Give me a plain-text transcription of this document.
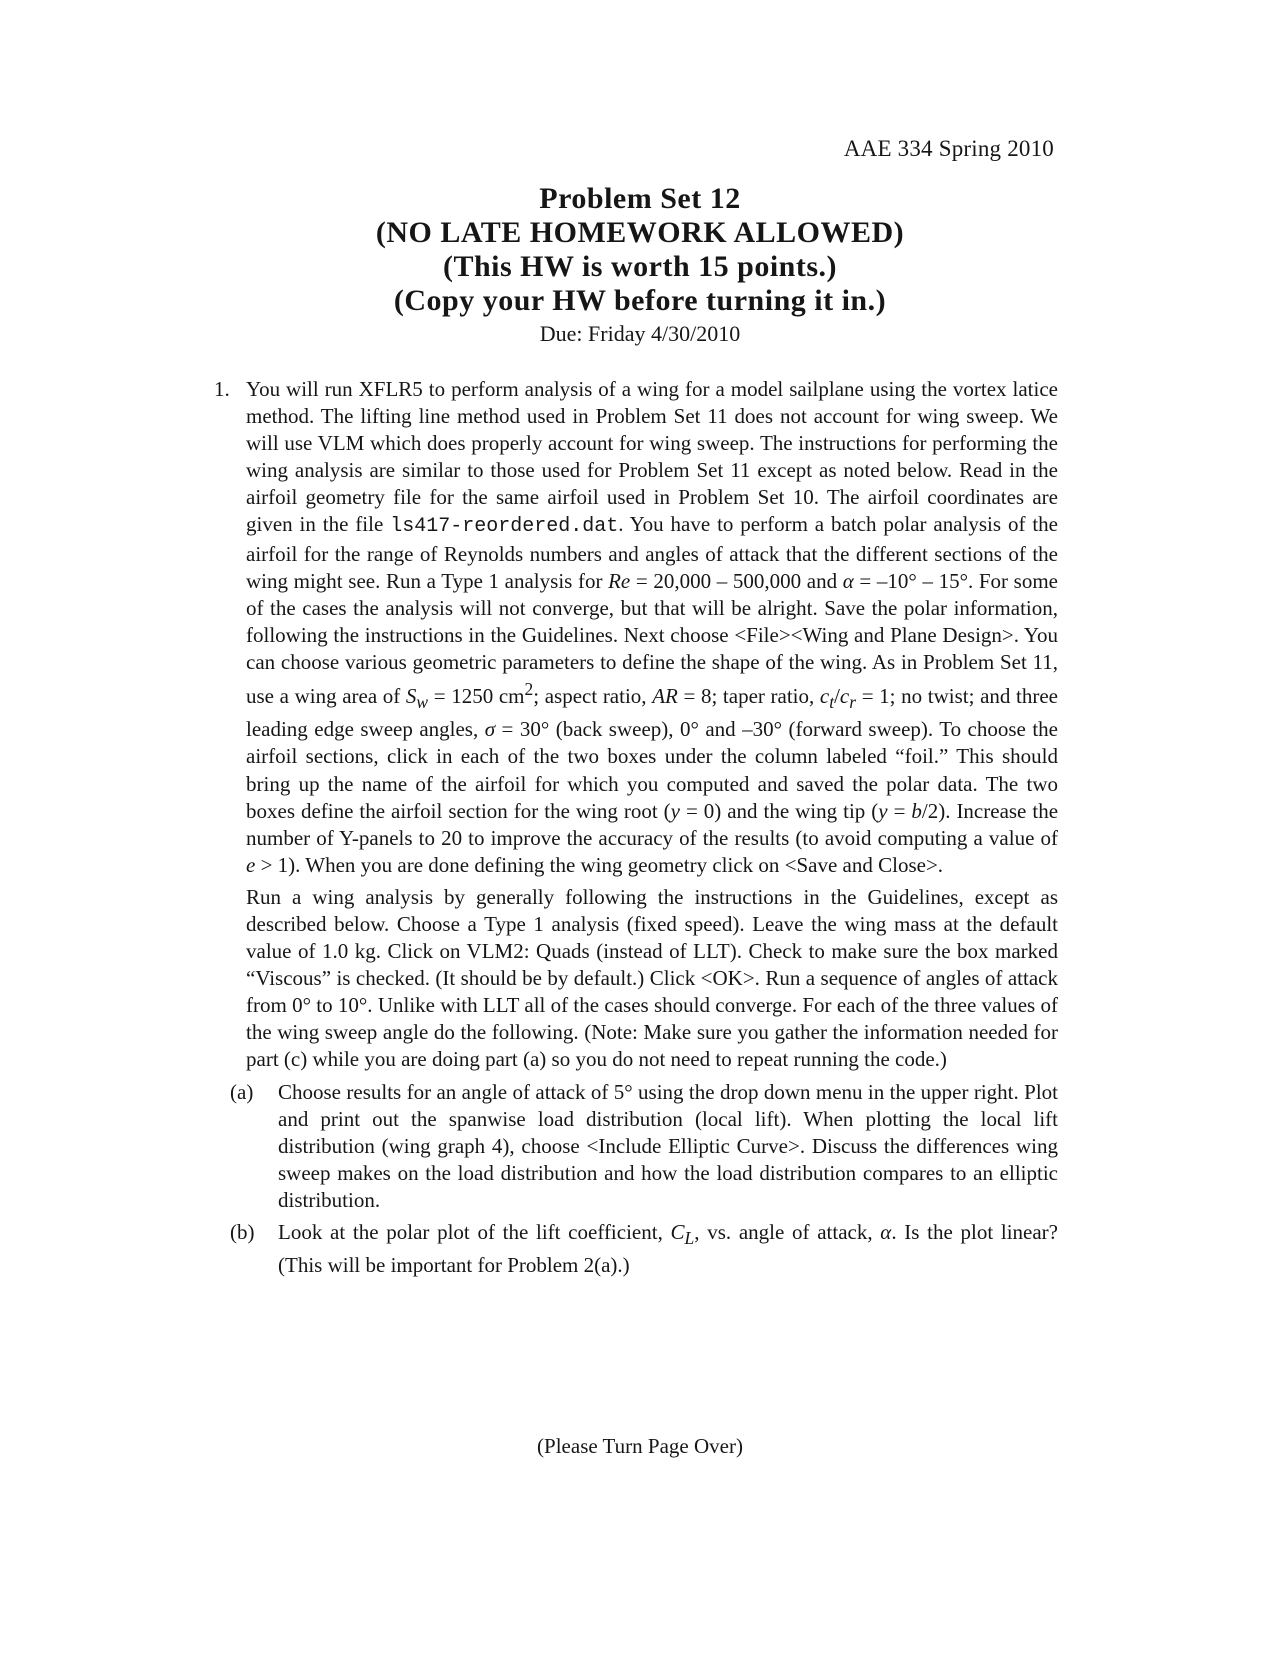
AAE 334 Spring 2010
Problem Set 12
(NO LATE HOMEWORK ALLOWED)
(This HW is worth 15 points.)
(Copy your HW before turning it in.)
Due: Friday 4/30/2010
1. You will run XFLR5 to perform analysis of a wing for a model sailplane using the vortex latice method. The lifting line method used in Problem Set 11 does not account for wing sweep. We will use VLM which does properly account for wing sweep. The instructions for performing the wing analysis are similar to those used for Problem Set 11 except as noted below. Read in the airfoil geometry file for the same airfoil used in Problem Set 10. The airfoil coordinates are given in the file ls417-reordered.dat. You have to perform a batch polar analysis of the airfoil for the range of Reynolds numbers and angles of attack that the different sections of the wing might see. Run a Type 1 analysis for Re = 20,000 – 500,000 and α = –10° – 15°. For some of the cases the analysis will not converge, but that will be alright. Save the polar information, following the instructions in the Guidelines. Next choose <File><Wing and Plane Design>. You can choose various geometric parameters to define the shape of the wing. As in Problem Set 11, use a wing area of $S_w = 1250$ $cm^2$; aspect ratio, AR = 8; taper ratio, $c_t/c_r = 1$; no twist; and three leading edge sweep angles, σ = 30° (back sweep), 0° and –30° (forward sweep). To choose the airfoil sections, click in each of the two boxes under the column labeled “foil.” This should bring up the name of the airfoil for which you computed and saved the polar data. The two boxes define the airfoil section for the wing root (y = 0) and the wing tip (y = b/2). Increase the number of Y-panels to 20 to improve the accuracy of the results (to avoid computing a value of e > 1). When you are done defining the wing geometry click on <Save and Close>.

Run a wing analysis by generally following the instructions in the Guidelines, except as described below. Choose a Type 1 analysis (fixed speed). Leave the wing mass at the default value of 1.0 kg. Click on VLM2: Quads (instead of LLT). Check to make sure the box marked “Viscous” is checked. (It should be by default.) Click <OK>. Run a sequence of angles of attack from 0° to 10°. Unlike with LLT all of the cases should converge. For each of the three values of the wing sweep angle do the following. (Note: Make sure you gather the information needed for part (c) while you are doing part (a) so you do not need to repeat running the code.)

(a) Choose results for an angle of attack of 5° using the drop down menu in the upper right. Plot and print out the spanwise load distribution (local lift). When plotting the local lift distribution (wing graph 4), choose <Include Elliptic Curve>. Discuss the differences wing sweep makes on the load distribution and how the load distribution compares to an elliptic distribution.
(b) Look at the polar plot of the lift coefficient, $C_L$, vs. angle of attack, α. Is the plot linear? (This will be important for Problem 2(a).)
(Please Turn Page Over)
